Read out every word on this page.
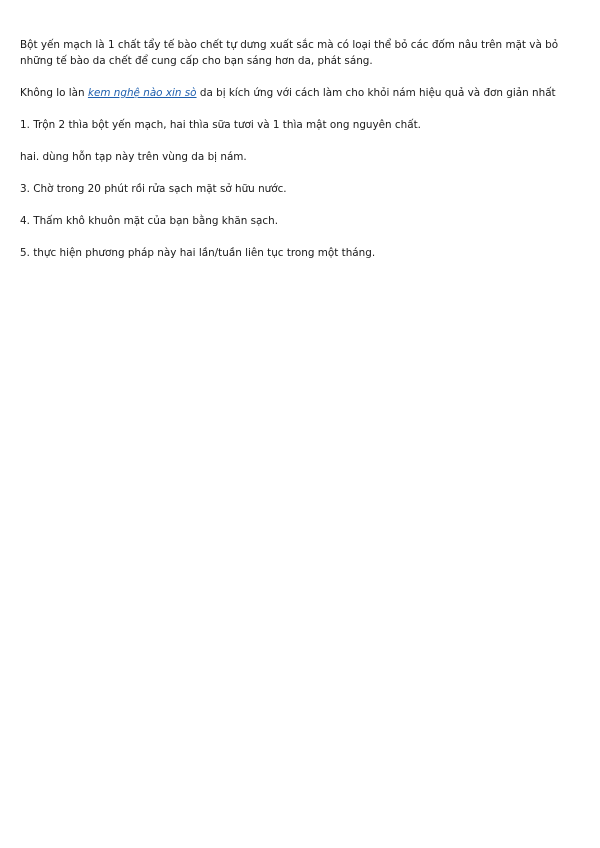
Bột yến mạch là 1 chất tẩy tế bào chết tự dưng xuất sắc mà có loại thể bỏ các đốm nâu trên mặt và bỏ những tế bào da chết để cung cấp cho bạn sáng hơn da, phát sáng.

Không lo làn kem nghệ nào xin sò da bị kích ứng với cách làm cho khỏi nám hiệu quả và đơn giản nhất

1. Trộn 2 thìa bột yến mạch, hai thìa sữa tươi và 1 thìa mật ong nguyên chất.

hai. dùng hỗn tạp này trên vùng da bị nám.

3. Chờ trong 20 phút rồi rửa sạch mặt sở hữu nước.

4. Thấm khô khuôn mặt của bạn bằng khăn sạch.

5. thực hiện phương pháp này hai lần/tuần liên tục trong một tháng.
